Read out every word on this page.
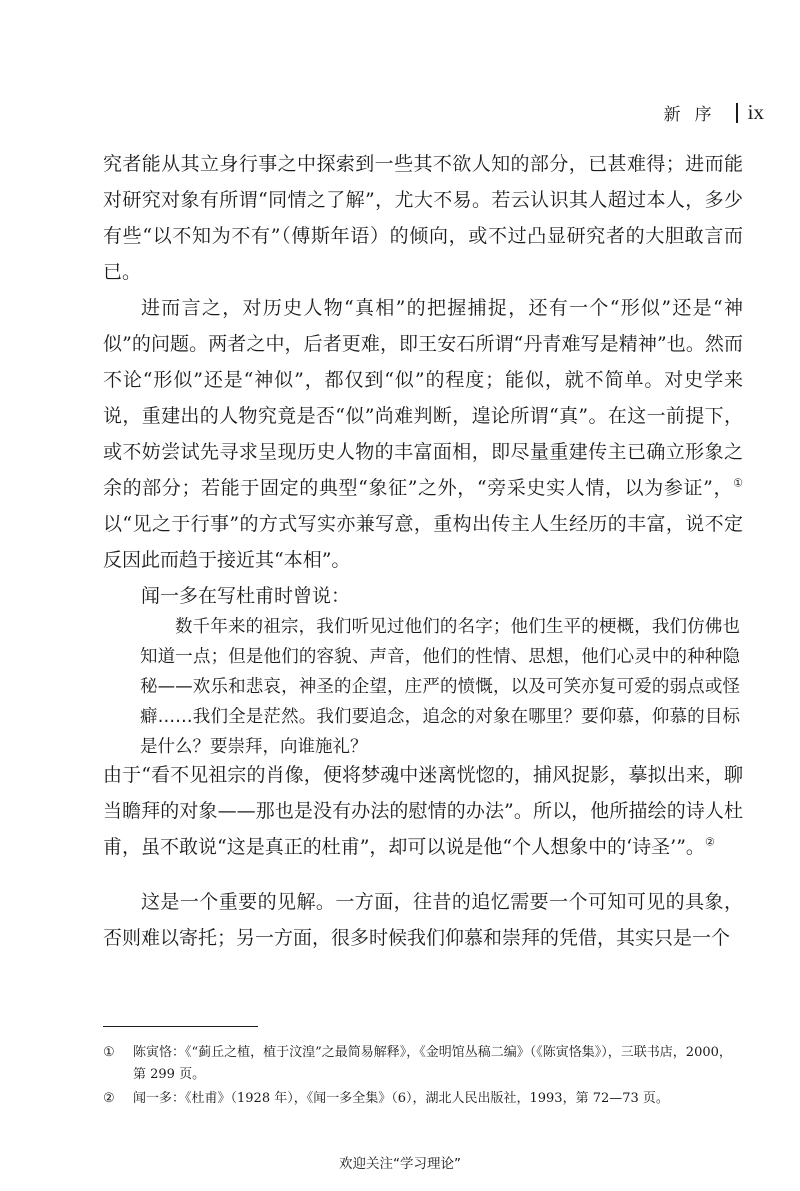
新序 ix

究者能从其立身行事之中探索到一些其不欲人知的部分，已甚难得；进而能对研究对象有所谓“同情之了解”，尤大不易。若云认识其人超过本人，多少有些“以不知为不有”（傅斯年语）的倾向，或不过凸显研究者的大胆敢言而已。

进而言之，对历史人物“真相”的把握捕捉，还有一个“形似”还是“神似”的问题。两者之中，后者更难，即王安石所谓“丹青难写是精神”也。然而不论“形似”还是“神似”，都仅到“似”的程度；能似，就不简单。对史学来说，重建出的人物究竟是否“似”尚难判断，遑论所谓“真”。在这一前提下，或不妨尝试先寻求呈现历史人物的丰富面相，即尽量重建传主已确立形象之余的部分；若能于固定的典型“象征”之外，“旁采史实人情，以为参证”，①以“见之于行事”的方式写实亦兼写意，重构出传主人生经历的丰富，说不定反因此而趋于接近其“本相”。

闻一多在写杜甫时曾说：

数千年来的祖宗，我们听见过他们的名字；他们生平的梗概，我们仿佛也知道一点；但是他们的容貌、声音，他们的性情、思想，他们心灵中的种种隐秘——欢乐和悲哀，神圣的企望，庄严的愤慨，以及可笑亦复可爱的弱点或怪癖……我们全是茫然。我们要追念，追念的对象在哪里？要仰慕，仰慕的目标是什么？要崇拜，向谁施礼？

由于“看不见祖宗的肖像，便将梦魂中迷离恍惚的，捕风捉影，摹拟出来，聊当瞻拜的对象——那也是没有办法的慰情的办法”。所以，他所描绘的诗人杜甫，虽不敢说“这是真正的杜甫”，却可以说是他“个人想象中的‘诗圣’”。②

这是一个重要的见解。一方面，往昔的追忆需要一个可知可见的具象，否则难以寄托；另一方面，很多时候我们仰慕和崇拜的凭借，其实只是一个

①	陈寅恪：《“蓟丘之植，植于汶湟”之最简易解释》，《金明馆丛稿二编》（《陈寅恪集》），三联书店，2000，第 299 页。
②	闻一多：《杜甫》（1928 年），《闻一多全集》（6），湖北人民出版社，1993，第 72—73 页。
欢迎关注“学习理论”
